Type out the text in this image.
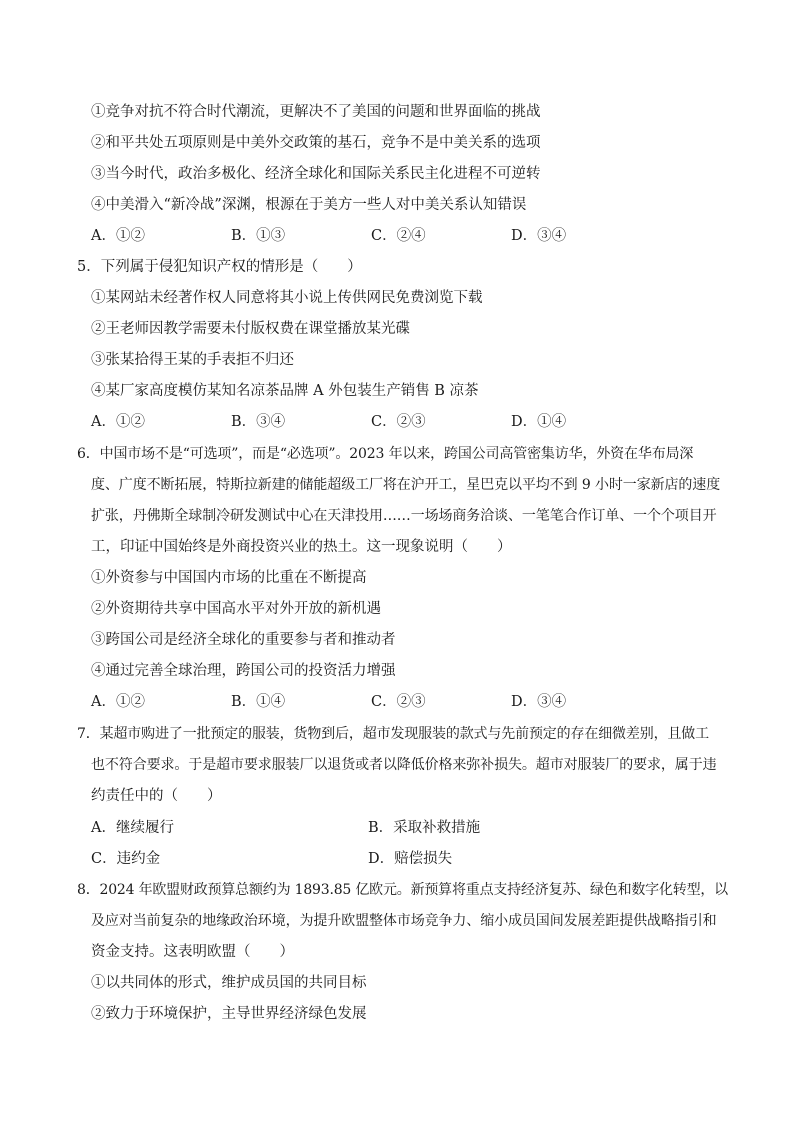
①竞争对抗不符合时代潮流，更解决不了美国的问题和世界面临的挑战
②和平共处五项原则是中美外交政策的基石，竞争不是中美关系的选项
③当今时代，政治多极化、经济全球化和国际关系民主化进程不可逆转
④中美滑入“新冷战”深渊，根源在于美方一些人对中美关系认知错误
A．①②	B．①③	C．②④	D．③④
5．下列属于侵犯知识产权的情形是（　　）
①某网站未经著作权人同意将其小说上传供网民免费浏览下载
②王老师因教学需要未付版权费在课堂播放某光碟
③张某拾得王某的手表拒不归还
④某厂家高度模仿某知名凉茶品牌 A 外包装生产销售 B 凉茶
A．①②	B．③④	C．②③	D．①④
6．中国市场不是“可选项”，而是“必选项”。2023 年以来，跨国公司高管密集访华，外资在华布局深
度、广度不断拓展，特斯拉新建的储能超级工厂将在沪开工，星巴克以平均不到 9 小时一家新店的速度
扩张，丹佛斯全球制冷研发测试中心在天津投用……一场场商务洽谈、一笔笔合作订单、一个个项目开
工，印证中国始终是外商投资兴业的热土。这一现象说明（　　）
①外资参与中国国内市场的比重在不断提高
②外资期待共享中国高水平对外开放的新机遇
③跨国公司是经济全球化的重要参与者和推动者
④通过完善全球治理，跨国公司的投资活力增强
A．①②	B．①④	C．②③	D．③④
7．某超市购进了一批预定的服装，货物到后，超市发现服装的款式与先前预定的存在细微差别，且做工
也不符合要求。于是超市要求服装厂以退货或者以降低价格来弥补损失。超市对服装厂的要求，属于违
约责任中的（　　）
A．继续履行	B．采取补救措施
C．违约金	D．赔偿损失
8．2024 年欧盟财政预算总额约为 1893.85 亿欧元。新预算将重点支持经济复苏、绿色和数字化转型，以
及应对当前复杂的地缘政治环境，为提升欧盟整体市场竞争力、缩小成员国间发展差距提供战略指引和
资金支持。这表明欧盟（　　）
①以共同体的形式，维护成员国的共同目标
②致力于环境保护，主导世界经济绿色发展
